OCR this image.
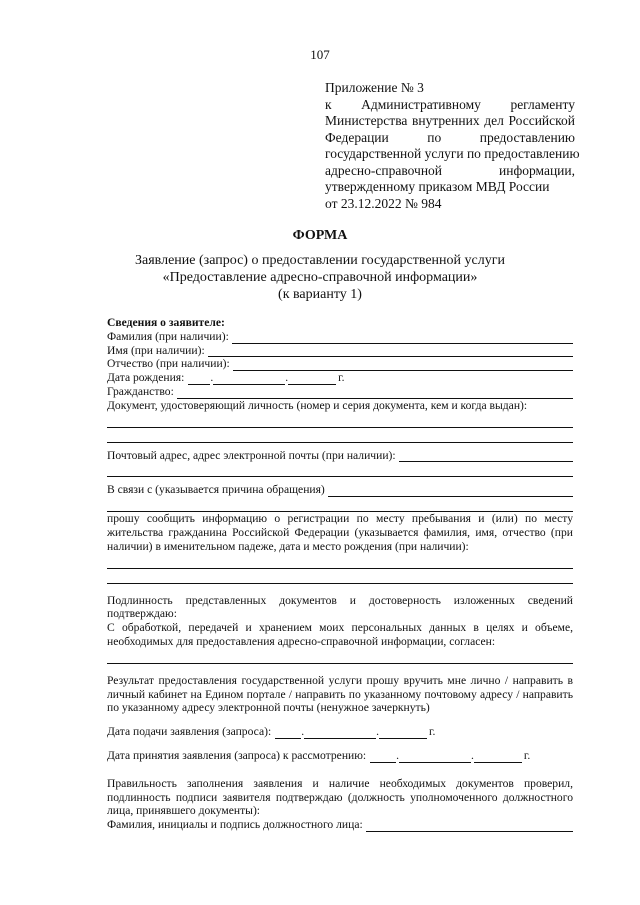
107
Приложение № 3
к Административному регламенту
Министерства внутренних дел Российской
Федерации по предоставлению
государственной услуги по предоставлению
адресно-справочной информации,
утвержденному приказом МВД России
от 23.12.2022 № 984
ФОРМА
Заявление (запрос) о предоставлении государственной услуги
«Предоставление адресно-справочной информации»
(к варианту 1)
Сведения о заявителе:
Фамилия (при наличии):
Имя (при наличии):
Отчество (при наличии):
Дата рождения: .	.	г.
Гражданство:
Документ, удостоверяющий личность (номер и серия документа, кем и когда выдан):
Почтовый адрес, адрес электронной почты (при наличии):
В связи с (указывается причина обращения)
прошу сообщить информацию о регистрации по месту пребывания и (или) по месту жительства гражданина Российской Федерации (указывается фамилия, имя, отчество (при наличии) в именительном падеже, дата и место рождения (при наличии):
Подлинность представленных документов и достоверность изложенных сведений подтверждаю:
С обработкой, передачей и хранением моих персональных данных в целях и объеме, необходимых для предоставления адресно-справочной информации, согласен:
Результат предоставления государственной услуги прошу вручить мне лично / направить в личный кабинет на Едином портале / направить по указанному почтовому адресу / направить по указанному адресу электронной почты (ненужное зачеркнуть)
Дата подачи заявления (запроса):	.	.	г.
Дата принятия заявления (запроса) к рассмотрению:	.	.	г.
Правильность заполнения заявления и наличие необходимых документов проверил, подлинность подписи заявителя подтверждаю (должность уполномоченного должностного лица, принявшего документы):
Фамилия, инициалы и подпись должностного лица:
